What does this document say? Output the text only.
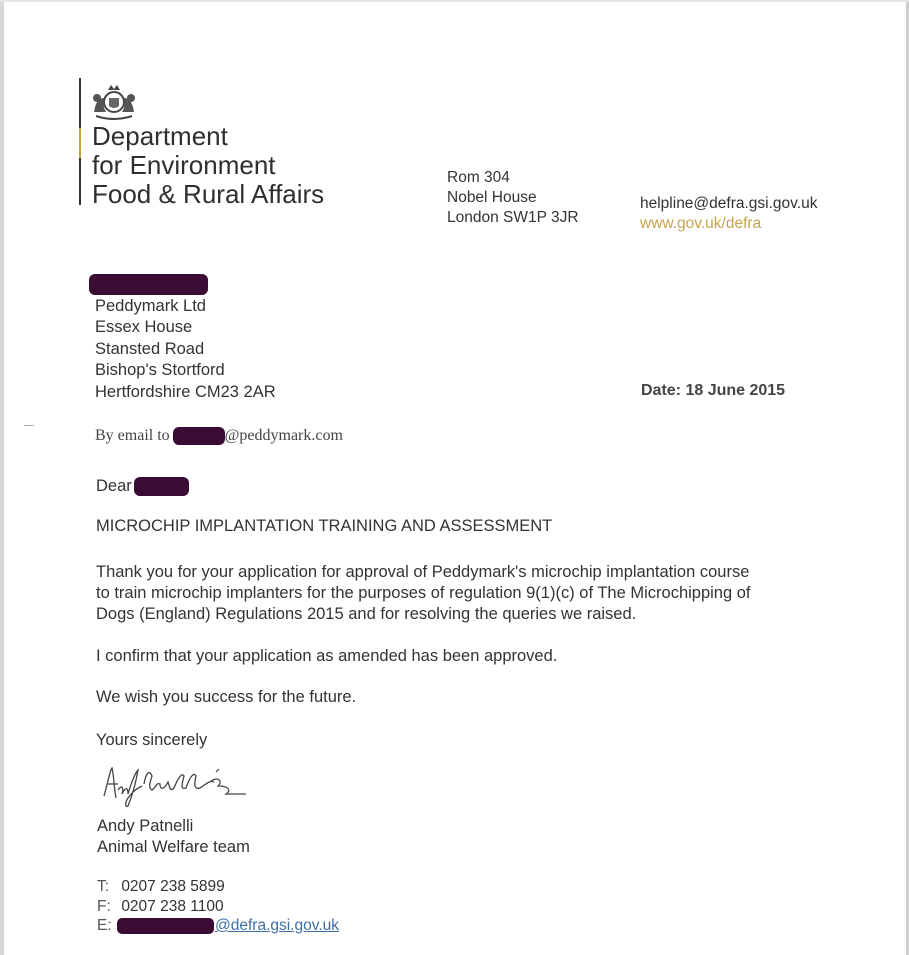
Department
for Environment
Food & Rural Affairs
Rom 304
Nobel House
London SW1P 3JR
helpline@defra.gsi.gov.uk
www.gov.uk/defra
Peddymark Ltd
Essex House
Stansted Road
Bishop's Stortford
Hertfordshire CM23 2AR	Date: 18 June 2015
By email to	@peddymark.com
Dear
MICROCHIP IMPLANTATION TRAINING AND ASSESSMENT
Thank you for your application for approval of Peddymark's microchip implantation course
to train microchip implanters for the purposes of regulation 9(1)(c) of The Microchipping of
Dogs (England) Regulations 2015 and for resolving the queries we raised.
I confirm that your application as amended has been approved.
We wish you success for the future.
Yours sincerely
Andy Patnelli
Animal Welfare team
T: 0207 238 5899
F: 0207 238 1100
E:	@defra.gsi.gov.uk
